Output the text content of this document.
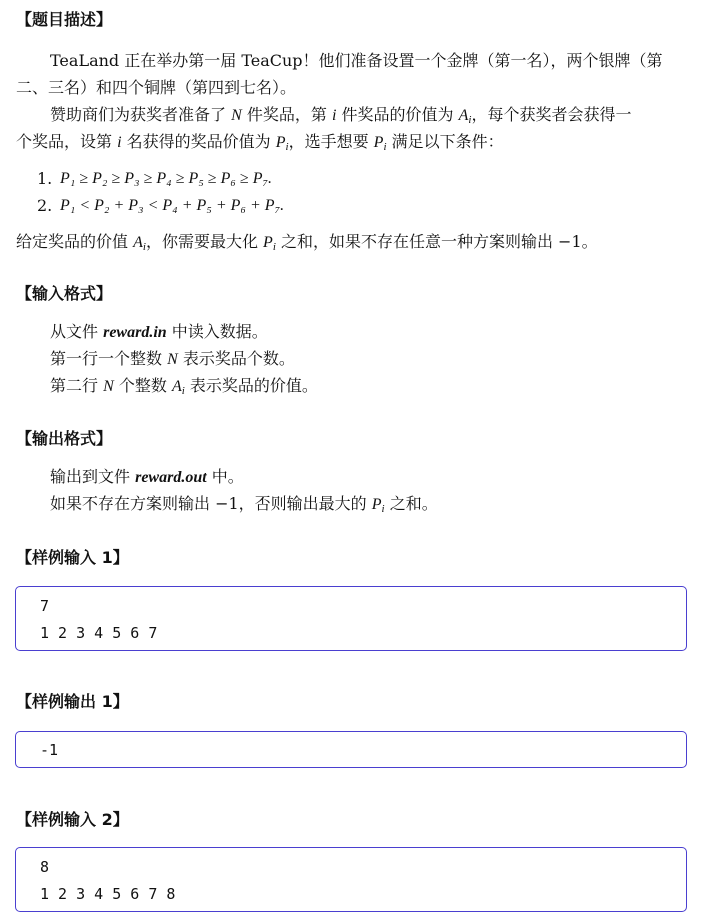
【题目描述】
TeaLand 正在举办第一届 TeaCup！他们准备设置一个金牌（第一名），两个银牌（第
二、三名）和四个铜牌（第四到七名）。
赞助商们为获奖者准备了 N 件奖品，第 i 件奖品的价值为 $A_i$，每个获奖者会获得一
个奖品，设第 i 名获得的奖品价值为 $P_i$，选手想要 $P_i$ 满足以下条件：
1. P₁ ≥ P₂ ≥ P₃ ≥ P₄ ≥ P₅ ≥ P₆ ≥ P₇.
2. P₁ < P₂ + P₃ < P₄ + P₅ + P₆ + P₇.
给定奖品的价值 $A_i$，你需要最大化 $P_i$ 之和，如果不存在任意一种方案则输出 −1。
【输入格式】
从文件 reward.in 中读入数据。
第一行一个整数 N 表示奖品个数。
第二行 N 个整数 $A_i$ 表示奖品的价值。
【输出格式】
输出到文件 reward.out 中。
如果不存在方案则输出 −1，否则输出最大的 $P_i$ 之和。
【样例输入 1】
7
1 2 3 4 5 6 7
【样例输出 1】
-1
【样例输入 2】
8
1 2 3 4 5 6 7 8
